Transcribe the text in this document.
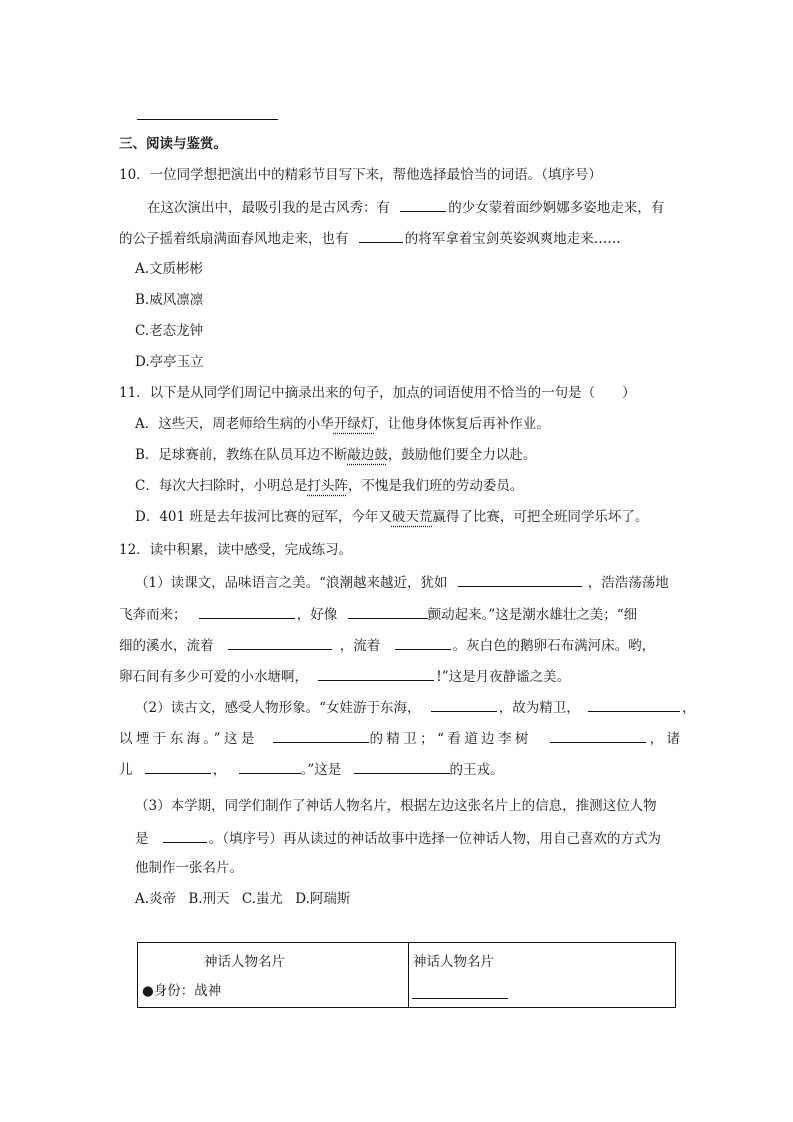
三、阅读与鉴赏。
10．一位同学想把演出中的精彩节目写下来，帮他选择最恰当的词语。（填序号）
在这次演出中，最吸引我的是古风秀：有	的少女蒙着面纱婀娜多姿地走来，有
的公子摇着纸扇满面春风地走来，也有	的将军拿着宝剑英姿飒爽地走来……
A.文质彬彬
B.威风凛凛
C.老态龙钟
D.亭亭玉立
11．以下是从同学们周记中摘录出来的句子，加点的词语使用不恰当的一句是（　　）
A．这些天，周老师给生病的小华开绿灯，让他身体恢复后再补作业。
B．足球赛前，教练在队员耳边不断敲边鼓，鼓励他们要全力以赴。
C．每次大扫除时，小明总是打头阵，不愧是我们班的劳动委员。
D．401 班是去年拔河比赛的冠军，今年又破天荒赢得了比赛，可把全班同学乐坏了。
12．读中积累，读中感受，完成练习。
（1）读课文，品味语言之美。“浪潮越来越近，犹如	，浩浩荡荡地
飞奔而来；	，好像	颤动起来。”这是潮水雄壮之美；“细
细的溪水，流着	，流着	。灰白色的鹅卵石布满河床。哟，
卵石间有多少可爱的小水塘啊，	!”这是月夜静谧之美。
（2）读古文，感受人物形象。“女娃游于东海，	，故为精卫，	，
以堙于东海。”这是	的精卫；“看道边李树	，诸
儿	，	。”这是	的王戎。
（3）本学期，同学们制作了神话人物名片，根据左边这张名片上的信息，推测这位人物
是	。（填序号）再从读过的神话故事中选择一位神话人物，用自己喜欢的方式为
他制作一张名片。
A.炎帝 B.刑天 C.蚩尤 D.阿瑞斯
神话人物名片
●身份：战神

神话人物名片
